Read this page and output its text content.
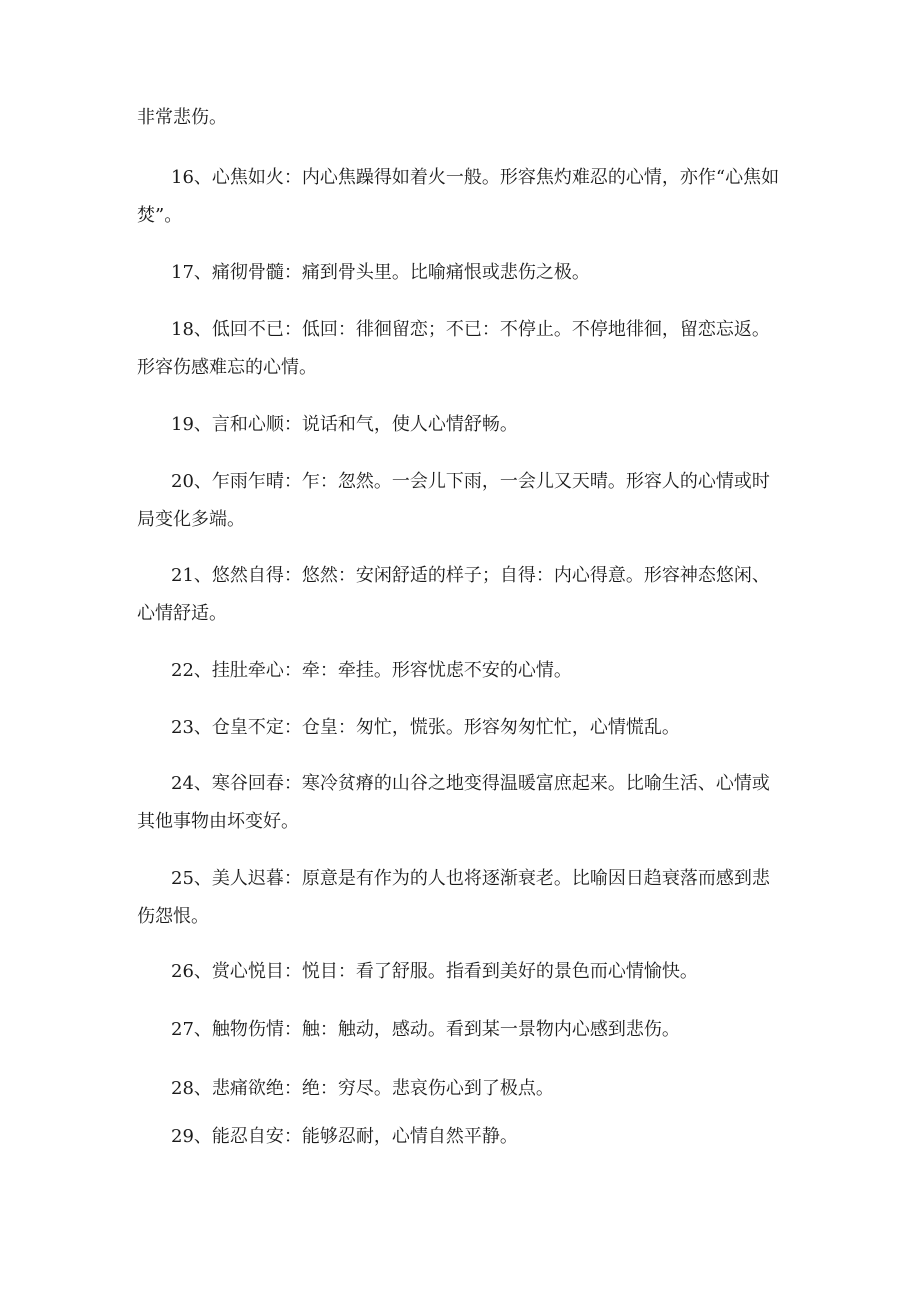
非常悲伤。

16、心焦如火：内心焦躁得如着火一般。形容焦灼难忍的心情，亦作“心焦如焚”。

17、痛彻骨髓：痛到骨头里。比喻痛恨或悲伤之极。

18、低回不已：低回：徘徊留恋；不已：不停止。不停地徘徊，留恋忘返。形容伤感难忘的心情。

19、言和心顺：说话和气，使人心情舒畅。

20、乍雨乍晴：乍：忽然。一会儿下雨，一会儿又天晴。形容人的心情或时局变化多端。

21、悠然自得：悠然：安闲舒适的样子；自得：内心得意。形容神态悠闲、心情舒适。

22、挂肚牵心：牵：牵挂。形容忧虑不安的心情。

23、仓皇不定：仓皇：匆忙，慌张。形容匆匆忙忙，心情慌乱。

24、寒谷回春：寒冷贫瘠的山谷之地变得温暖富庶起来。比喻生活、心情或其他事物由坏变好。

25、美人迟暮：原意是有作为的人也将逐渐衰老。比喻因日趋衰落而感到悲伤怨恨。

26、赏心悦目：悦目：看了舒服。指看到美好的景色而心情愉快。

27、触物伤情：触：触动，感动。看到某一景物内心感到悲伤。

28、悲痛欲绝：绝：穷尽。悲哀伤心到了极点。

29、能忍自安：能够忍耐，心情自然平静。
